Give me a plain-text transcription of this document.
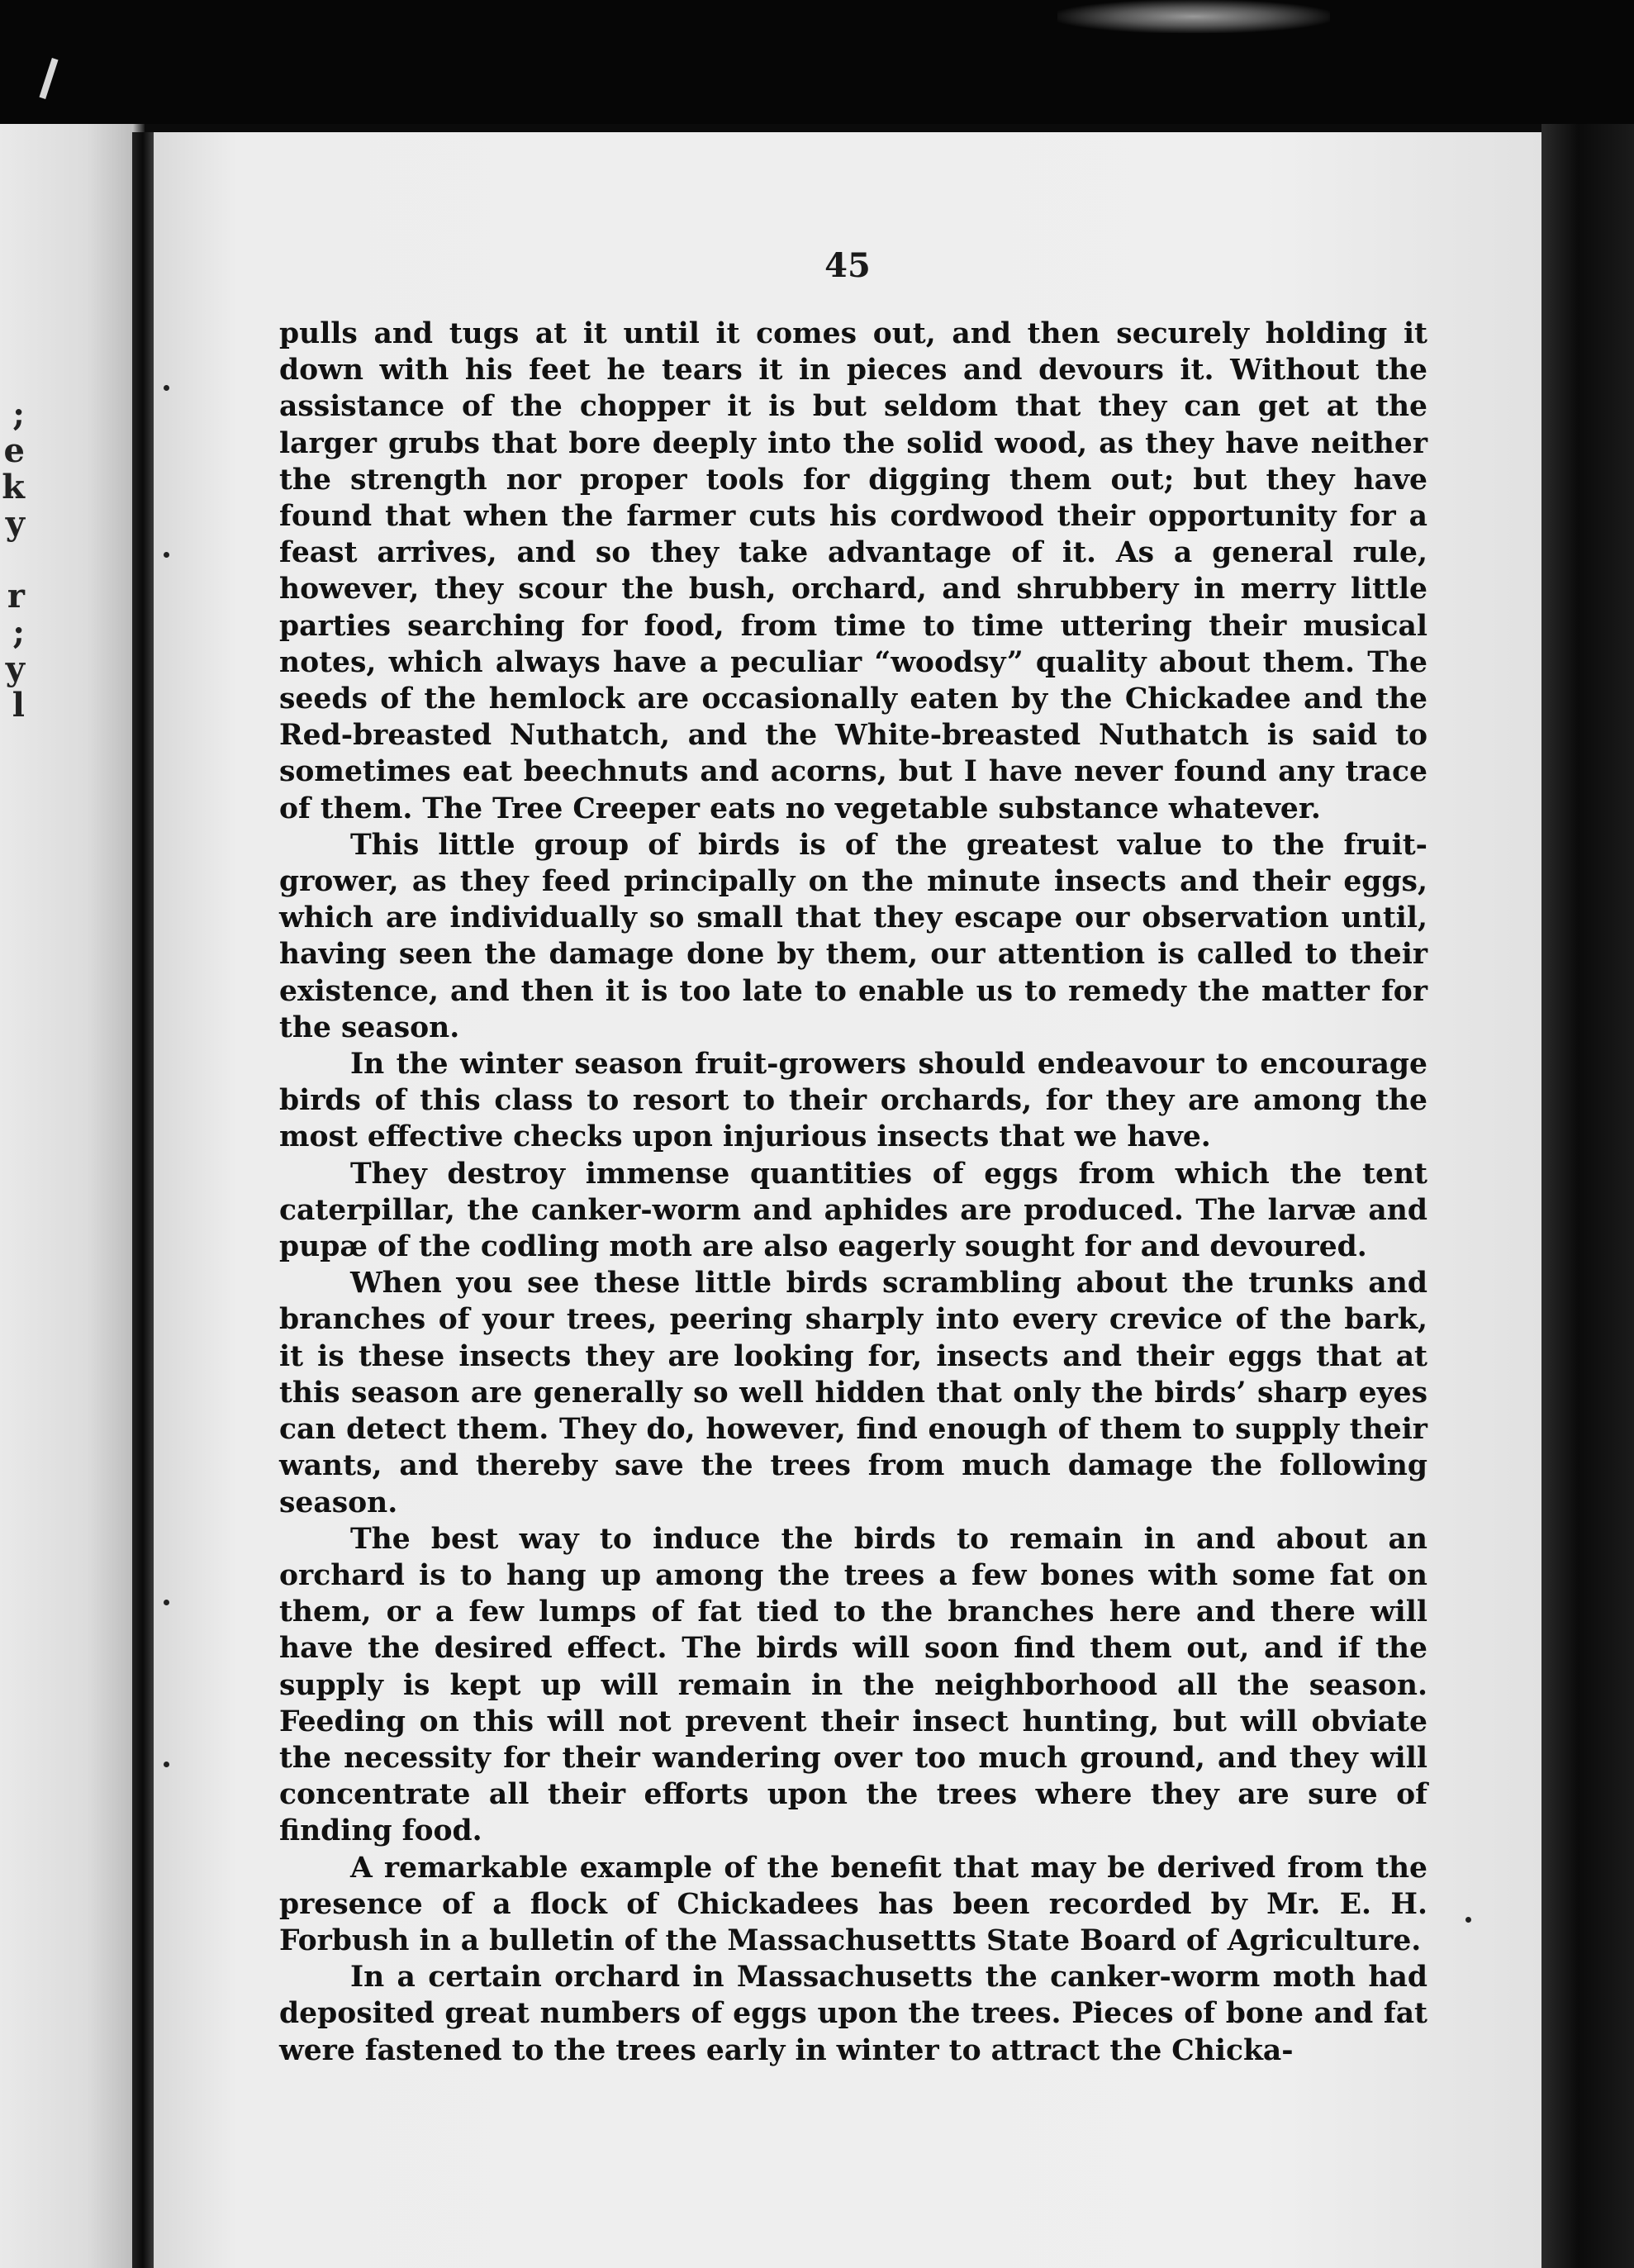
;
e
k
y

r
;
y
l
45

pulls and tugs at it until it comes out, and then securely holding it down with his feet he tears it in pieces and devours it. Without the assistance of the chopper it is but seldom that they can get at the larger grubs that bore deeply into the solid wood, as they have neither the strength nor proper tools for digging them out; but they have found that when the farmer cuts his cordwood their opportunity for a feast arrives, and so they take advantage of it. As a general rule, however, they scour the bush, orchard, and shrubbery in merry little parties searching for food, from time to time uttering their musical notes, which always have a peculiar “woodsy” quality about them. The seeds of the hemlock are occasionally eaten by the Chickadee and the Red-breasted Nuthatch, and the White-breasted Nuthatch is said to sometimes eat beechnuts and acorns, but I have never found any trace of them. The Tree Creeper eats no vegetable substance whatever.

This little group of birds is of the greatest value to the fruit-grower, as they feed principally on the minute insects and their eggs, which are individually so small that they escape our observation until, having seen the damage done by them, our attention is called to their existence, and then it is too late to enable us to remedy the matter for the season.

In the winter season fruit-growers should endeavour to encourage birds of this class to resort to their orchards, for they are among the most effective checks upon injurious insects that we have.

They destroy immense quantities of eggs from which the tent caterpillar, the canker-worm and aphides are produced. The larvæ and pupæ of the codling moth are also eagerly sought for and devoured.

When you see these little birds scrambling about the trunks and branches of your trees, peering sharply into every crevice of the bark, it is these insects they are looking for, insects and their eggs that at this season are generally so well hidden that only the birds’ sharp eyes can detect them. They do, however, find enough of them to supply their wants, and thereby save the trees from much damage the following season.

The best way to induce the birds to remain in and about an orchard is to hang up among the trees a few bones with some fat on them, or a few lumps of fat tied to the branches here and there will have the desired effect. The birds will soon find them out, and if the supply is kept up will remain in the neighborhood all the season. Feeding on this will not prevent their insect hunting, but will obviate the necessity for their wandering over too much ground, and they will concentrate all their efforts upon the trees where they are sure of finding food.

A remarkable example of the benefit that may be derived from the presence of a flock of Chickadees has been recorded by Mr. E. H. Forbush in a bulletin of the Massachusettts State Board of Agriculture.

In a certain orchard in Massachusetts the canker-worm moth had deposited great numbers of eggs upon the trees. Pieces of bone and fat were fastened to the trees early in winter to attract the Chicka-
